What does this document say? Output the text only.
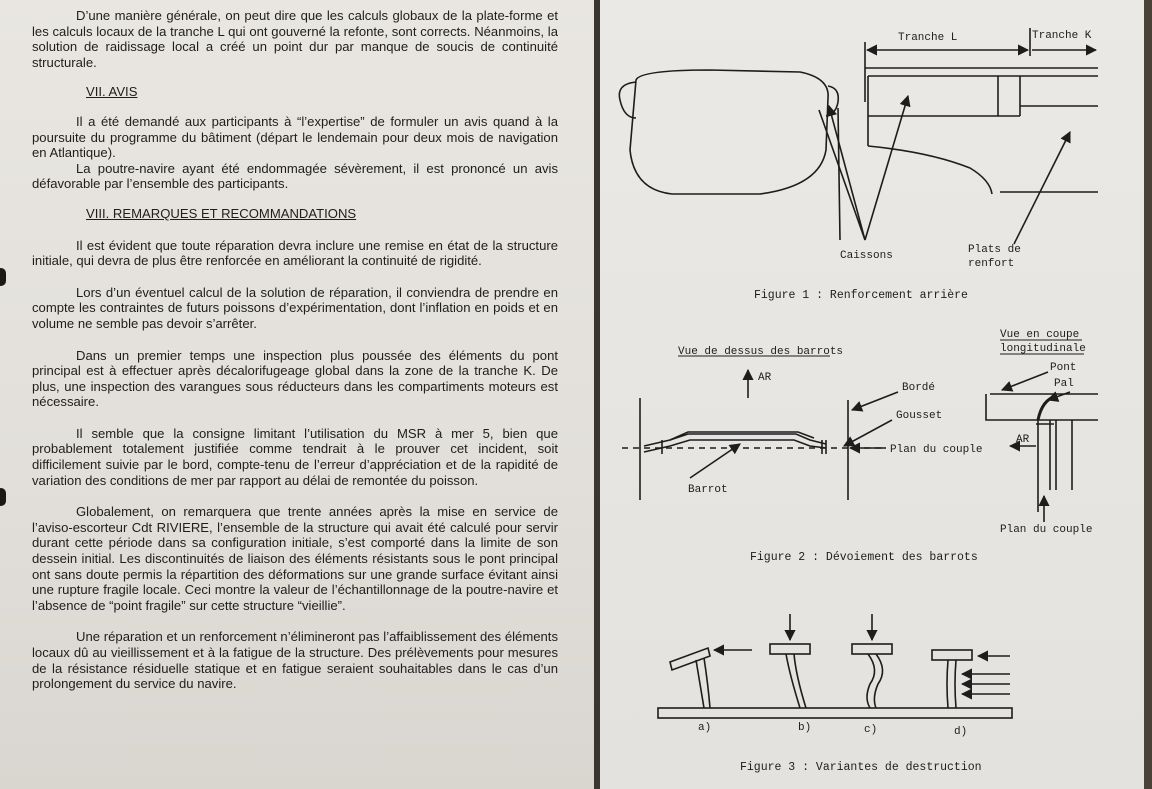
D’une manière générale, on peut dire que les calculs globaux de la plate-forme et les calculs locaux de la tranche L qui ont gouverné la refonte, sont corrects. Néanmoins, la solution de raidissage local a créé un point dur par manque de soucis de continuité structurale.

VII. AVIS

Il a été demandé aux participants à “l’expertise” de formuler un avis quand à la poursuite du programme du bâtiment (départ le lendemain pour deux mois de navigation en Atlantique).

La poutre-navire ayant été endommagée sévèrement, il est prononcé un avis défavorable par l’ensemble des participants.

VIII. REMARQUES ET RECOMMANDATIONS

Il est évident que toute réparation devra inclure une remise en état de la structure initiale, qui devra de plus être renforcée en améliorant la continuité de rigidité.

Lors d’un éventuel calcul de la solution de réparation, il conviendra de prendre en compte les contraintes de futurs poissons d’expérimentation, dont l’inflation en poids et en volume ne semble pas devoir s’arrêter.

Dans un premier temps une inspection plus poussée des éléments du pont principal est à effectuer après décalorifugeage global dans la zone de la tranche K. De plus, une inspection des varangues sous réducteurs dans les compartiments moteurs est nécessaire.

Il semble que la consigne limitant l’utilisation du MSR à mer 5, bien que probablement totalement justifiée comme tendrait à le prouver cet incident, soit difficilement suivie par le bord, compte-tenu de l’erreur d’appréciation et de la rapidité de variation des conditions de mer par rapport au délai de remontée du poisson.

Globalement, on remarquera que trente années après la mise en service de l’aviso-escorteur Cdt RIVIERE, l’ensemble de la structure qui avait été calculé pour servir durant cette période dans sa configuration initiale, s’est comporté dans la limite de son dessein initial. Les discontinuités de liaison des éléments résistants sous le pont principal ont sans doute permis la répartition des déformations sur une grande surface évitant ainsi une rupture fragile locale. Ceci montre la valeur de l’échantillonnage de la poutre-navire et l’absence de “point fragile” sur cette structure “vieillie”.

Une réparation et un renforcement n’élimineront pas l’affaiblissement des éléments locaux dû au vieillissement et à la fatigue de la structure. Des prélèvements pour mesures de la résistance résiduelle statique et en fatigue seraient souhaitables dans le cas d’un prolongement du service du navire.

Tranche L	Tranche K
Caissons	Plats de
renfort
Figure 1 : Renforcement arrière
Vue de dessus des barrots
AR
Bordé
Gousset
Plan du couple
Barrot
Vue en coupe
longitudinale
Pont
Pal
AR
Plan du couple
Figure 2 : Dévoiement des barrots
a)	b)	c)	d)
Figure 3 : Variantes de destruction
